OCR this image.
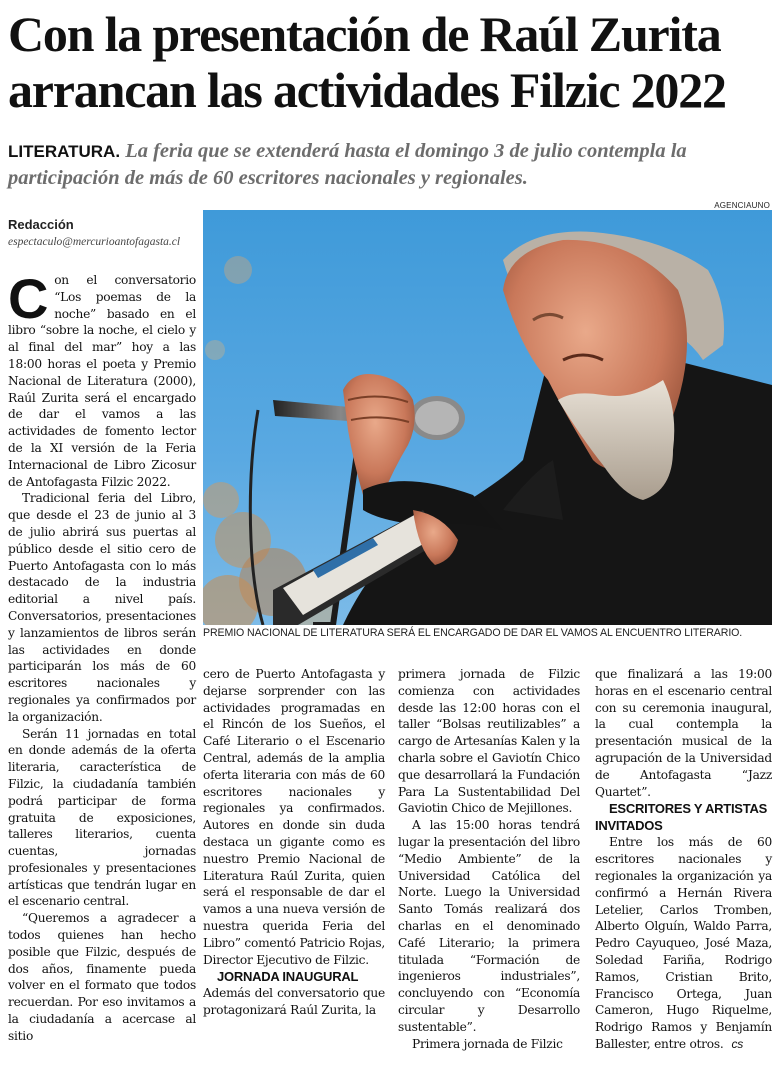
Con la presentación de Raúl Zurita arrancan las actividades Filzic 2022

LITERATURA. La feria que se extenderá hasta el domingo 3 de julio contempla la participación de más de 60 escritores nacionales y regionales.

Redacción
espectaculo@mercurioantofagasta.cl
AGENCIAUNO
PREMIO NACIONAL DE LITERATURA SERÁ EL ENCARGADO DE DAR EL VAMOS AL ENCUENTRO LITERARIO.

Con el conversatorio “Los poemas de la noche” basado en el libro “sobre la noche, el cielo y al final del mar” hoy a las 18:00 horas el poeta y Premio Nacional de Literatura (2000), Raúl Zurita será el encargado de dar el vamos a las actividades de fomento lector de la XI versión de la Feria Internacional de Libro Zicosur de Antofagasta Filzic 2022.

Tradicional feria del Libro, que desde el 23 de junio al 3 de julio abrirá sus puertas al público desde el sitio cero de Puerto Antofagasta con lo más destacado de la industria editorial a nivel país. Conversatorios, presentaciones y lanzamientos de libros serán las actividades en donde participarán los más de 60 escritores nacionales y regionales ya confirmados por la organización.

Serán 11 jornadas en total en donde además de la oferta literaria, característica de Filzic, la ciudadanía también podrá participar de forma gratuita de exposiciones, talleres literarios, cuenta cuentas, jornadas profesionales y presentaciones artísticas que tendrán lugar en el escenario central.

“Queremos a agradecer a todos quienes han hecho posible que Filzic, después de dos años, finamente pueda volver en el formato que todos recuerdan. Por eso invitamos a la ciudadanía a acercase al sitio

cero de Puerto Antofagasta y dejarse sorprender con las actividades programadas en el Rincón de los Sueños, el Café Literario o el Escenario Central, además de la amplia oferta literaria con más de 60 escritores nacionales y regionales ya confirmados. Autores en donde sin duda destaca un gigante como es nuestro Premio Nacional de Literatura Raúl Zurita, quien será el responsable de dar el vamos a una nueva versión de nuestra querida Feria del Libro” comentó Patricio Rojas, Director Ejecutivo de Filzic.

JORNADA INAUGURAL

Además del conversatorio que protagonizará Raúl Zurita, la

primera jornada de Filzic comienza con actividades desde las 12:00 horas con el taller “Bolsas reutilizables” a cargo de Artesanías Kalen y la charla sobre el Gaviotín Chico que desarrollará la Fundación Para La Sustentabilidad Del Gaviotin Chico de Mejillones.

A las 15:00 horas tendrá lugar la presentación del libro “Medio Ambiente” de la Universidad Católica del Norte. Luego la Universidad Santo Tomás realizará dos charlas en el denominado Café Literario; la primera titulada “Formación de ingenieros industriales”, concluyendo con “Economía circular y Desarrollo sustentable”.

Primera jornada de Filzic

que finalizará a las 19:00 horas en el escenario central con su ceremonia inaugural, la cual contempla la presentación musical de la agrupación de la Universidad de Antofagasta “Jazz Quartet”.

ESCRITORES Y ARTISTAS INVITADOS

Entre los más de 60 escritores nacionales y regionales la organización ya confirmó a Hernán Rivera Letelier, Carlos Tromben, Alberto Olguín, Waldo Parra, Pedro Cayuqueo, José Maza, Soledad Fariña, Rodrigo Ramos, Cristian Brito, Francisco Ortega, Juan Cameron, Hugo Riquelme, Rodrigo Ramos y Benjamín Ballester, entre otros. cs
